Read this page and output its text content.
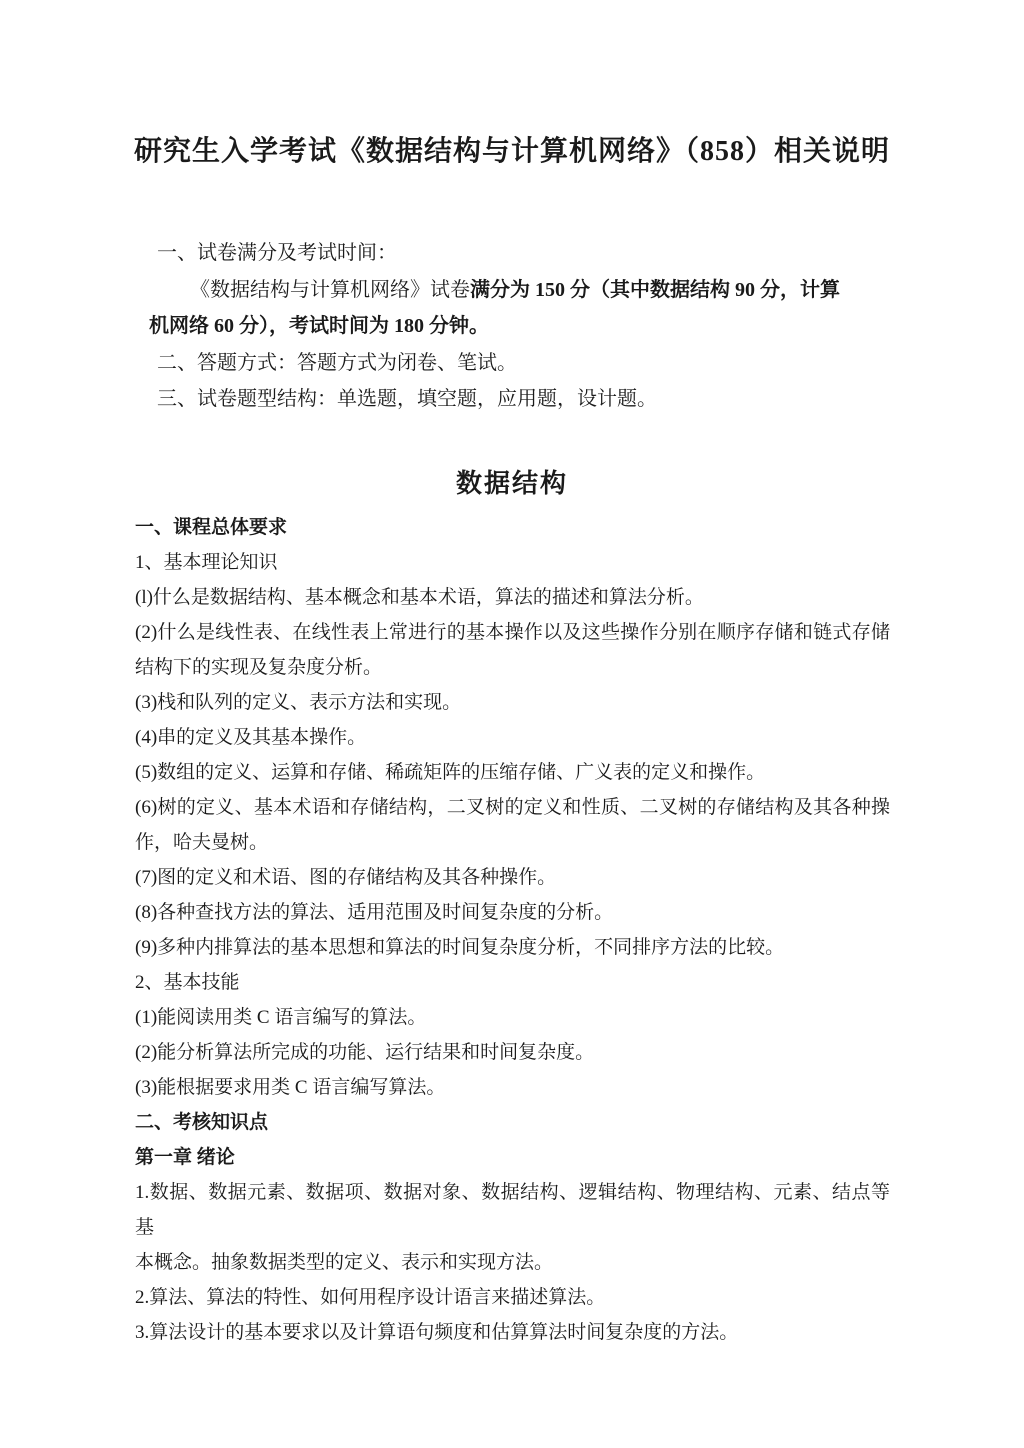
研究生入学考试《数据结构与计算机网络》（858）相关说明
一、试卷满分及考试时间：
《数据结构与计算机网络》试卷满分为 150 分（其中数据结构 90 分，计算
机网络 60 分），考试时间为 180 分钟。
二、答题方式：答题方式为闭卷、笔试。
三、试卷题型结构：单选题，填空题，应用题，设计题。
数据结构
一、课程总体要求
1、基本理论知识
(l)什么是数据结构、基本概念和基本术语，算法的描述和算法分析。
(2)什么是线性表、在线性表上常进行的基本操作以及这些操作分别在顺序存储和链式存储
结构下的实现及复杂度分析。
(3)栈和队列的定义、表示方法和实现。
(4)串的定义及其基本操作。
(5)数组的定义、运算和存储、稀疏矩阵的压缩存储、广义表的定义和操作。
(6)树的定义、基本术语和存储结构，二叉树的定义和性质、二叉树的存储结构及其各种操
作，哈夫曼树。
(7)图的定义和术语、图的存储结构及其各种操作。
(8)各种查找方法的算法、适用范围及时间复杂度的分析。
(9)多种内排算法的基本思想和算法的时间复杂度分析，不同排序方法的比较。
2、基本技能
(1)能阅读用类 C 语言编写的算法。
(2)能分析算法所完成的功能、运行结果和时间复杂度。
(3)能根据要求用类 C 语言编写算法。
二、考核知识点
第一章 绪论
1.数据、数据元素、数据项、数据对象、数据结构、逻辑结构、物理结构、元素、结点等基
本概念。抽象数据类型的定义、表示和实现方法。
2.算法、算法的特性、如何用程序设计语言来描述算法。
3.算法设计的基本要求以及计算语句频度和估算算法时间复杂度的方法。
